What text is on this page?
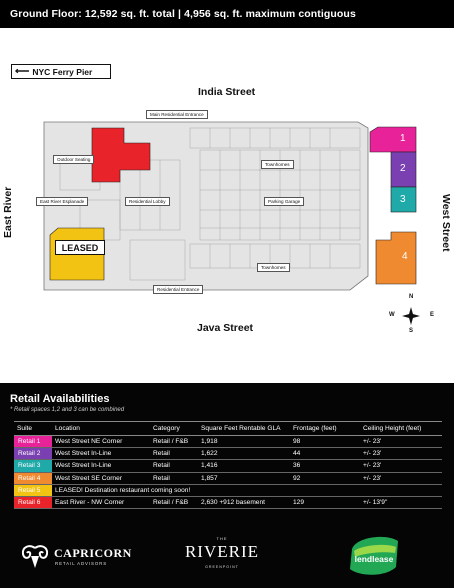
Ground Floor: 12,592 sq. ft. total | 4,956 sq. ft. maximum contiguous
⟵ NYC Ferry Pier
India Street
Java Street
East River	West Street
Main Residential Entrance
Outdoor Seating
East River Esplanade	Residential Lobby	Parking Garage
Townhomes
Townhomes
Residential Entrance
LEASED
1
2
3
4
N
S
W	E
Retail Availabilities
* Retail spaces 1,2 and 3 can be combined
Suite	Location	Category	Square Feet Rentable GLA	Frontage (feet)	Ceiling Height (feet)
Retail 1	West Street NE Corner	Retail / F&B	1,918	98	+/- 23'
Retail 2	West Street In-Line	Retail	1,622	44	+/- 23'
Retail 3	West Street In-Line	Retail	1,416	36	+/- 23'
Retail 4	West Street SE Corner	Retail	1,857	92	+/- 23'
Retail 5	LEASED! Destination restaurant coming soon!				
Retail 6	East River - NW Corner	Retail / F&B	2,630 +912 basement	129	+/- 13'9"
CAPRICORN
RETAIL ADVISORS
THE
RIVERIE
GREENPOINT
lendlease
